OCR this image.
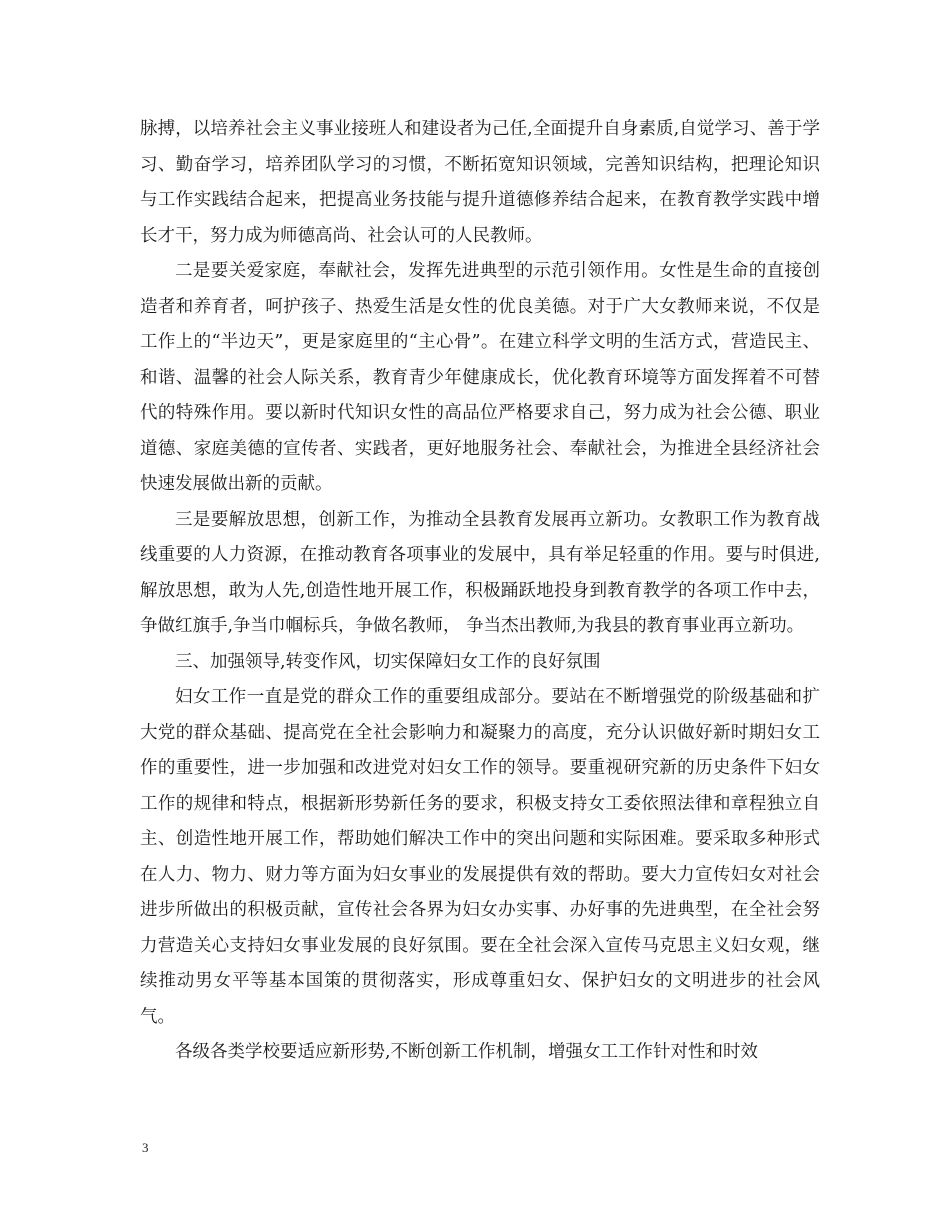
脉搏，以培养社会主义事业接班人和建设者为己任,全面提升自身素质,自觉学习、善于学习、勤奋学习，培养团队学习的习惯，不断拓宽知识领域，完善知识结构，把理论知识与工作实践结合起来，把提高业务技能与提升道德修养结合起来，在教育教学实践中增长才干，努力成为师德高尚、社会认可的人民教师。

二是要关爱家庭，奉献社会，发挥先进典型的示范引领作用。女性是生命的直接创造者和养育者，呵护孩子、热爱生活是女性的优良美德。对于广大女教师来说，不仅是工作上的“半边天”，更是家庭里的“主心骨”。在建立科学文明的生活方式，营造民主、和谐、温馨的社会人际关系，教育青少年健康成长，优化教育环境等方面发挥着不可替代的特殊作用。要以新时代知识女性的高品位严格要求自己，努力成为社会公德、职业道德、家庭美德的宣传者、实践者，更好地服务社会、奉献社会，为推进全县经济社会快速发展做出新的贡献。

三是要解放思想，创新工作，为推动全县教育发展再立新功。女教职工作为教育战线重要的人力资源，在推动教育各项事业的发展中，具有举足轻重的作用。要与时俱进,解放思想，敢为人先,创造性地开展工作，积极踊跃地投身到教育教学的各项工作中去，争做红旗手,争当巾帼标兵，争做名教师， 争当杰出教师,为我县的教育事业再立新功。

三、加强领导,转变作风，切实保障妇女工作的良好氛围

妇女工作一直是党的群众工作的重要组成部分。要站在不断增强党的阶级基础和扩大党的群众基础、提高党在全社会影响力和凝聚力的高度，充分认识做好新时期妇女工作的重要性，进一步加强和改进党对妇女工作的领导。要重视研究新的历史条件下妇女工作的规律和特点，根据新形势新任务的要求，积极支持女工委依照法律和章程独立自主、创造性地开展工作，帮助她们解决工作中的突出问题和实际困难。要采取多种形式在人力、物力、财力等方面为妇女事业的发展提供有效的帮助。要大力宣传妇女对社会进步所做出的积极贡献，宣传社会各界为妇女办实事、办好事的先进典型，在全社会努力营造关心支持妇女事业发展的良好氛围。要在全社会深入宣传马克思主义妇女观，继续推动男女平等基本国策的贯彻落实，形成尊重妇女、保护妇女的文明进步的社会风气。

各级各类学校要适应新形势,不断创新工作机制，增强女工工作针对性和时效

3
